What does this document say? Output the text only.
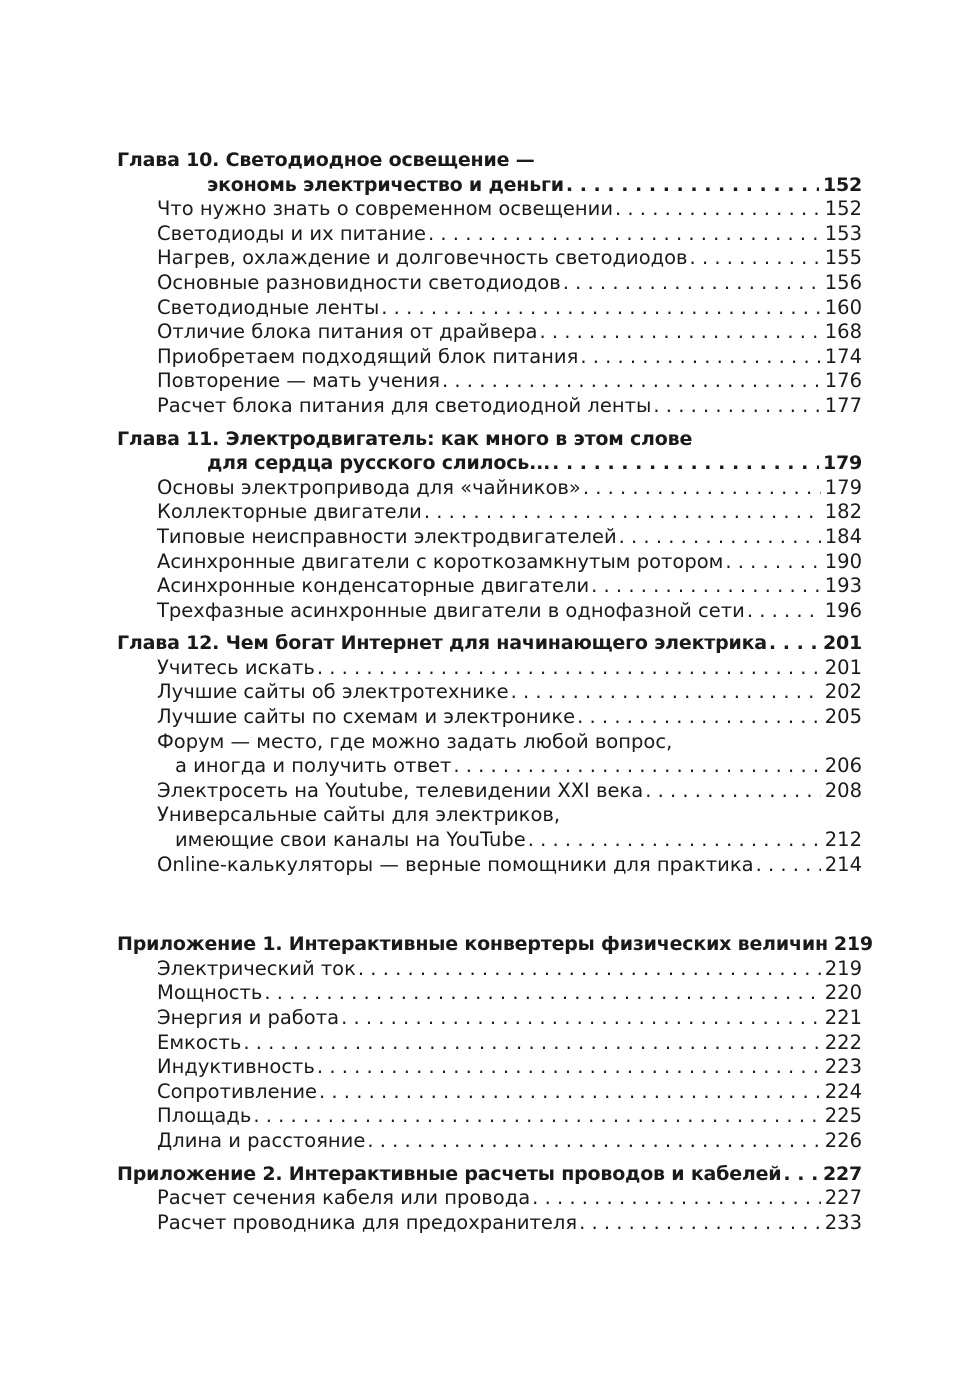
Глава 10. Светодиодное освещение —
экономь электричество и деньги . . .	152
Что нужно знать о современном освещении . . .	152
Светодиоды и их питание . . .	153
Нагрев, охлаждение и долговечность светодиодов . . .	155
Основные разновидности светодиодов . . .	156
Светодиодные ленты . . .	160
Отличие блока питания от драйвера . . .	168
Приобретаем подходящий блок питания . . .	174
Повторение — мать учения . . .	176
Расчет блока питания для светодиодной ленты . . .	177
Глава 11. Электродвигатель: как много в этом слове
для сердца русского слилось... . . .	179
Основы электропривода для «чайников» . . .	179
Коллекторные двигатели . . .	182
Типовые неисправности электродвигателей . . .	184
Асинхронные двигатели с короткозамкнутым ротором . . .	190
Асинхронные конденсаторные двигатели . . .	193
Трехфазные асинхронные двигатели в однофазной сети . . .	196
Глава 12. Чем богат Интернет для начинающего электрика . . .	201
Учитесь искать . . .	201
Лучшие сайты об электротехнике . . .	202
Лучшие сайты по схемам и электронике . . .	205
Форум — место, где можно задать любой вопрос,
а иногда и получить ответ . . .	206
Электросеть на Youtube, телевидении XXI века . . .	208
Универсальные сайты для электриков,
имеющие свои каналы на YouTube . . .	212
Online-калькуляторы — верные помощники для практика . . .	214
Приложение 1. Интерактивные конвертеры физических величин 219
Электрический ток . . .	219
Мощность . . .	220
Энергия и работа . . .	221
Емкость . . .	222
Индуктивность . . .	223
Сопротивление . . .	224
Площадь . . .	225
Длина и расстояние . . .	226
Приложение 2. Интерактивные расчеты проводов и кабелей . . . 227
Расчет сечения кабеля или провода . . .	227
Расчет проводника для предохранителя . . .	233
